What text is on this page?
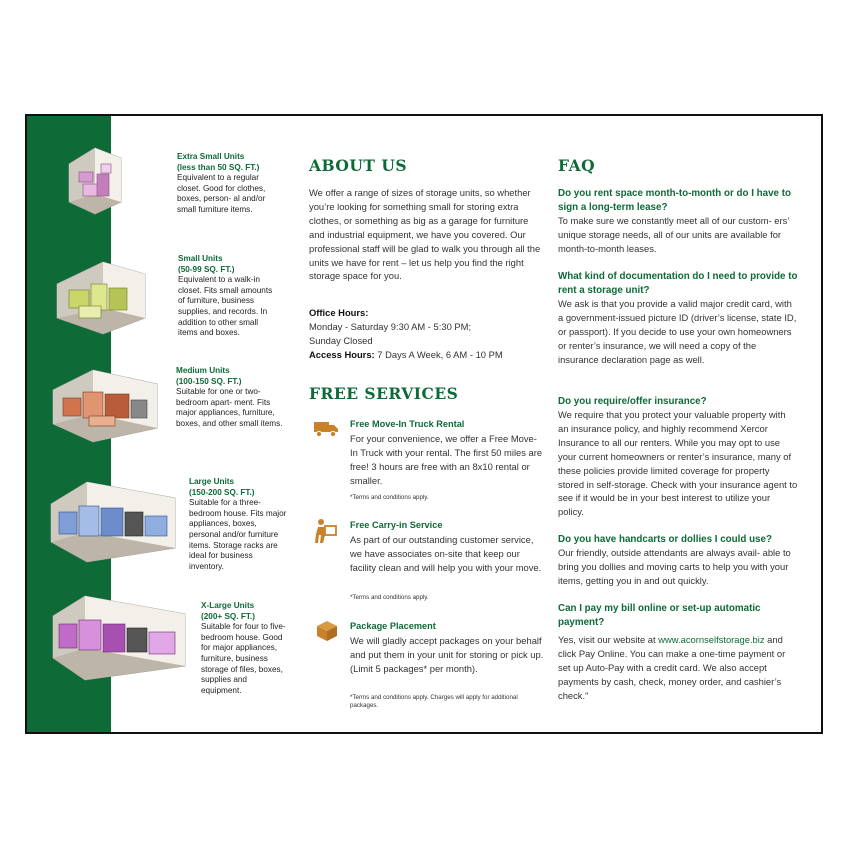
Extra Small Units
(less than 50 SQ. FT.)
Equivalent to a regular closet. Good for clothes, boxes, person- al and/or small furniture items.
Small Units
(50-99 SQ. FT.)
Equivalent to a walk-in closet. Fits small amounts of furniture, business supplies, and records. In addition to other small items and boxes.
Medium Units
(100-150 SQ. FT.)
Suitable for one or two-bedroom apart- ment. Fits major appliances, furniture, boxes, and other small items.
Large Units
(150-200 SQ. FT.)
Suitable for a three-bedroom house. Fits major appliances, boxes, personal and/or furniture items. Storage racks are ideal for business inventory.
X-Large Units
(200+ SQ. FT.)
Suitable for four to five-bedroom house. Good for major appliances, furniture, business storage of files, boxes, supplies and equipment.
ABOUT US
We offer a range of sizes of storage units, so whether you’re looking for something small for storing extra clothes, or something as big as a garage for furniture and industrial equipment, we have you covered. Our professional staff will be glad to walk you through all the units we have for rent – let us help you find the right storage space for you.
Office Hours:
Monday - Saturday 9:30 AM - 5:30 PM;
Sunday Closed
Access Hours: 7 Days A Week, 6 AM - 10 PM
FREE SERVICES
Free Move-In Truck Rental
For your convenience, we offer a Free Move-In Truck with your rental. The first 50 miles are free! 3 hours are free with an 8x10 rental or smaller.
*Terms and conditions apply.
Free Carry-in Service
As part of our outstanding customer service, we have associates on-site that keep our facility clean and will help you with your move.
*Terms and conditions apply.
Package Placement
We will gladly accept packages on your behalf and put them in your unit for storing or pick up. (Limit 5 packages* per month).
*Terms and conditions apply. Charges will apply for additional packages.
FAQ
Do you rent space month-to-month or do I have to sign a long-term lease?
To make sure we constantly meet all of our custom- ers’ unique storage needs, all of our units are available for month-to-month leases.
What kind of documentation do I need to provide to rent a storage unit?
We ask is that you provide a valid major credit card, with a government-issued picture ID (driver’s license, state ID, or passport). If you decide to use your own homeowners or renter’s insurance, we will need a copy of the insurance declaration page as well.
Do you require/offer insurance?
We require that you protect your valuable property with an insurance policy, and highly recommend Xercor Insurance to all our renters. While you may opt to use your current homeowners or renter’s insurance, many of these policies provide limited coverage for property stored in self-storage. Check with your insurance agent to see if it would be in your best interest to utilize your policy.
Do you have handcarts or dollies I could use?
Our friendly, outside attendants are always avail- able to bring you dollies and moving carts to help you with your items, getting you in and out quickly.
Can I pay my bill online or set-up automatic payment?
Yes, visit our website at www.acornselfstorage.biz and click Pay Online. You can make a one-time payment or set up Auto-Pay with a credit card. We also accept payments by cash, check, money order, and cashier’s check."
